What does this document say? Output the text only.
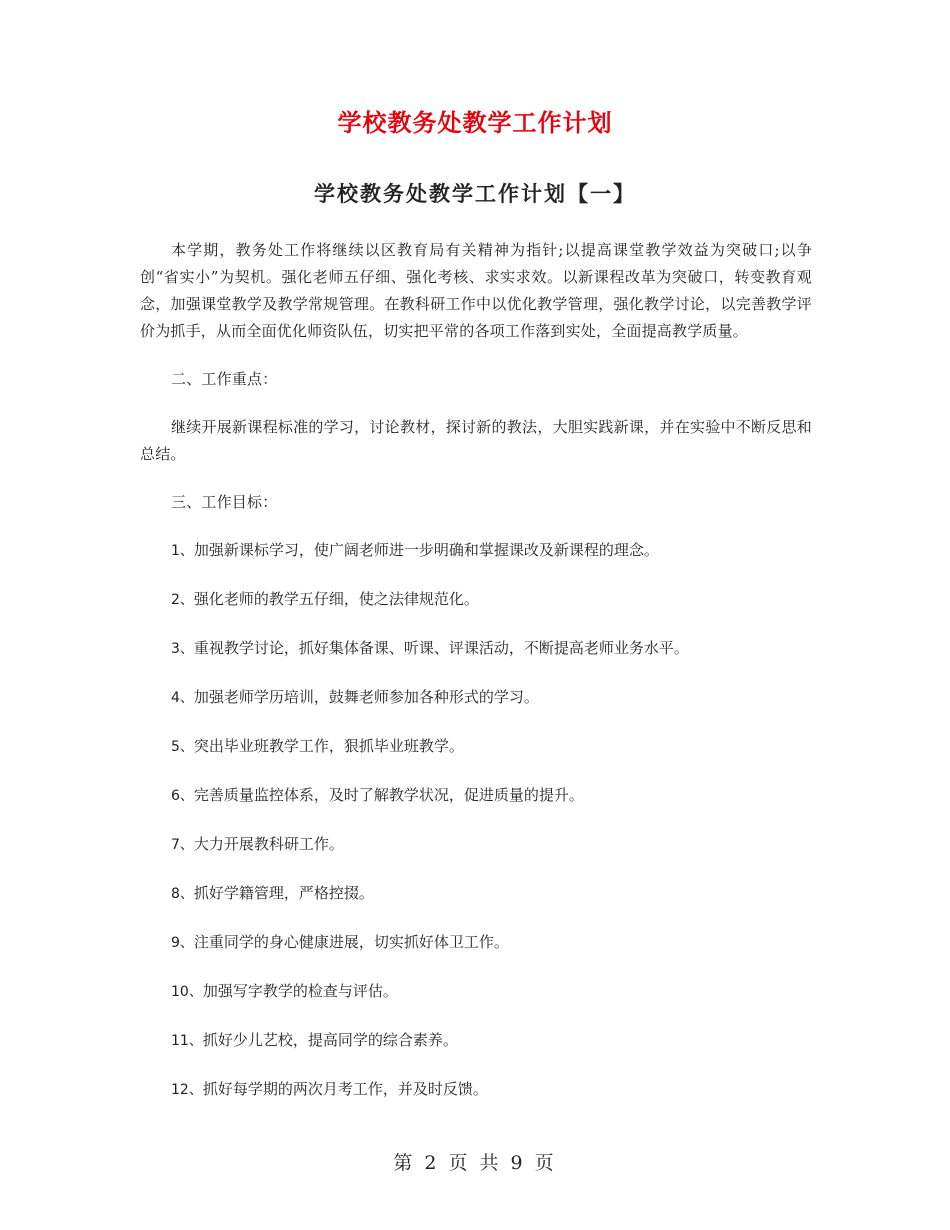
学校教务处教学工作计划
学校教务处教学工作计划【一】

本学期，教务处工作将继续以区教育局有关精神为指针;以提高课堂教学效益为突破口;以争创“省实小”为契机。强化老师五仔细、强化考核、求实求效。以新课程改革为突破口，转变教育观念，加强课堂教学及教学常规管理。在教科研工作中以优化教学管理，强化教学讨论，以完善教学评价为抓手，从而全面优化师资队伍，切实把平常的各项工作落到实处，全面提高教学质量。

二、工作重点：

继续开展新课程标准的学习，讨论教材，探讨新的教法，大胆实践新课，并在实验中不断反思和总结。

三、工作目标：

1、加强新课标学习，使广阔老师进一步明确和掌握课改及新课程的理念。
2、强化老师的教学五仔细，使之法律规范化。
3、重视教学讨论，抓好集体备课、听课、评课活动，不断提高老师业务水平。
4、加强老师学历培训，鼓舞老师参加各种形式的学习。
5、突出毕业班教学工作，狠抓毕业班教学。
6、完善质量监控体系，及时了解教学状况，促进质量的提升。
7、大力开展教科研工作。
8、抓好学籍管理，严格控掇。
9、注重同学的身心健康进展，切实抓好体卫工作。
10、加强写字教学的检查与评估。
11、抓好少儿艺校，提高同学的综合素养。
12、抓好每学期的两次月考工作，并及时反馈。
第 2 页 共 9 页
